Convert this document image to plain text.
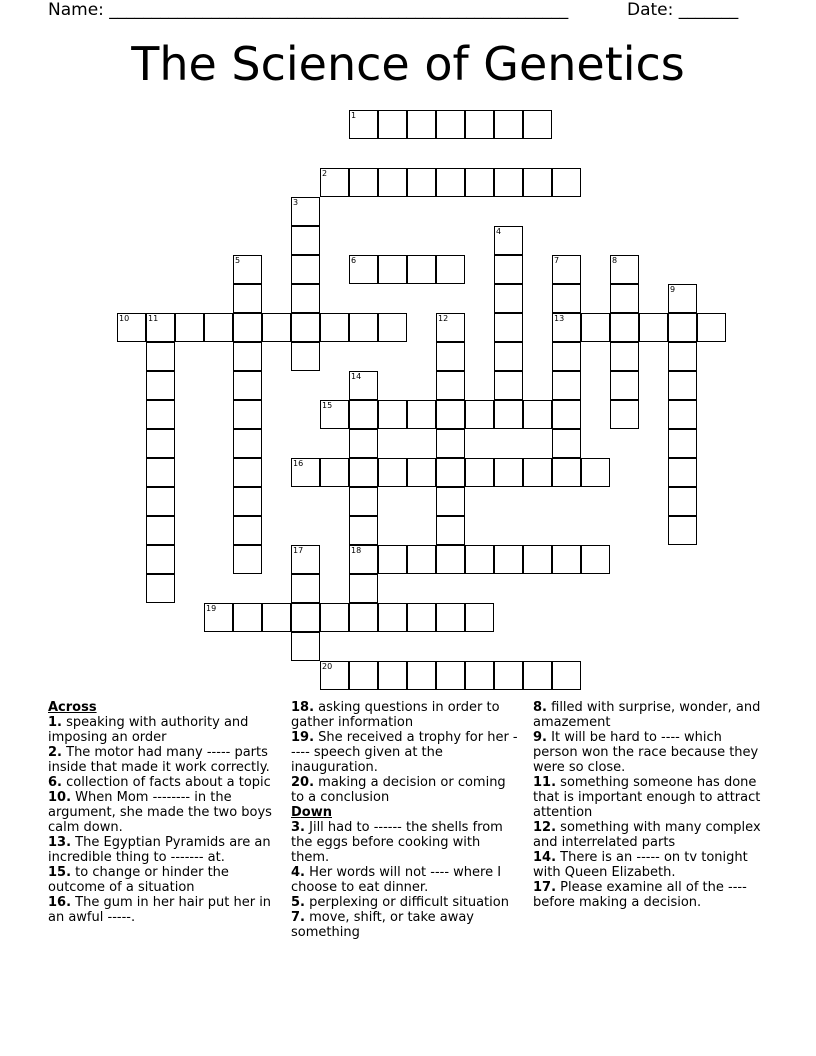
Name: ______________________________________________________	Date: _______
The Science of Genetics
1
2
3
4
5	6	7
13
8
9
10 11	12
14
18
15
16
17
19
20
Across
1. speaking with authority and imposing an order
2. The motor had many ----- parts inside that made it work correctly.
6. collection of facts about a topic
10. When Mom -------- in the argument, she made the two boys calm down.
13. The Egyptian Pyramids are an incredible thing to ------- at.
15. to change or hinder the outcome of a situation
16. The gum in her hair put her in an awful -----.
18. asking questions in order to gather information
19. She received a trophy for her ----- speech given at the inauguration.
20. making a decision or coming to a conclusion
Down
3. Jill had to ------ the shells from the eggs before cooking with them.
4. Her words will not ---- where I choose to eat dinner.
5. perplexing or difficult situation
7. move, shift, or take away something
8. filled with surprise, wonder, and amazement
9. It will be hard to ---- which person won the race because they were so close.
11. something someone has done that is important enough to attract attention
12. something with many complex and interrelated parts
14. There is an ----- on tv tonight with Queen Elizabeth.
17. Please examine all of the ---- before making a decision.
